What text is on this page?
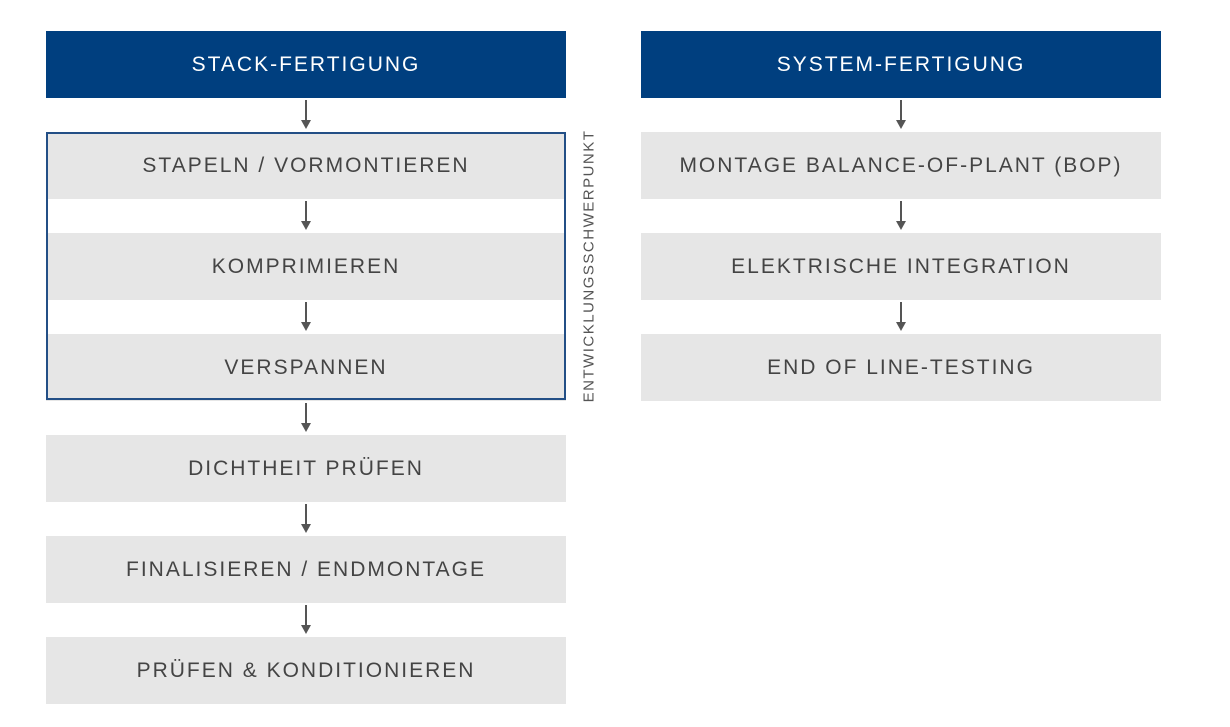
STACK-FERTIGUNG
STAPELN / VORMONTIEREN
KOMPRIMIEREN
VERSPANNEN	ENTWICKLUNGSSCHWERPUNKT
DICHTHEIT PRÜFEN
FINALISIEREN / ENDMONTAGE
PRÜFEN & KONDITIONIEREN
SYSTEM-FERTIGUNG
MONTAGE BALANCE-OF-PLANT (BOP)
ELEKTRISCHE INTEGRATION
END OF LINE-TESTING
